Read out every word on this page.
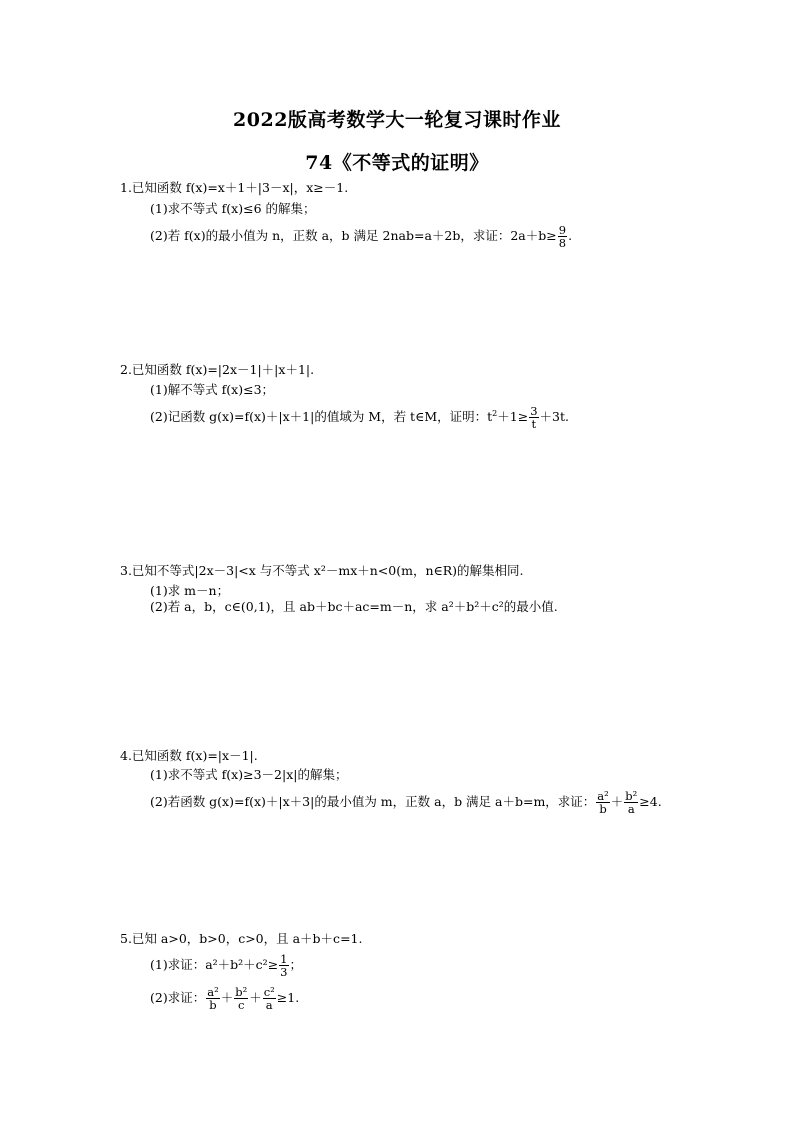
2022版高考数学大一轮复习课时作业
74《不等式的证明》
1.已知函数 f(x)=x＋1＋|3－x|，x≥－1.
(1)求不等式 f(x)≤6 的解集；
(2)若 f(x)的最小值为 n，正数 a，b 满足 2nab=a＋2b，求证：$2a+b\ge \frac{9}{8}$ .
2.已知函数 f(x)=|2x－1|＋|x＋1|.
(1)解不等式 f(x)≤3；
(2)记函数 g(x)=f(x)＋|x＋1|的值域为 M，若 t∈M，证明：$t^2+1\ge \frac{3}{t} +3t$.
3.已知不等式|2x－3|<x 与不等式 x²－mx＋n<0(m，n∈R)的解集相同.
(1)求 m－n；
(2)若 a，b，c∈(0,1)，且 ab＋bc＋ac=m－n，求 a²＋b²＋c²的最小值.
4.已知函数 f(x)=|x－1|.
(1)求不等式 f(x)≥3－2|x|的解集；
(2)若函数 g(x)=f(x)＋|x＋3|的最小值为 m，正数 a，b 满足 a＋b=m，求证： $\frac{\text{a²}}{b} + \frac{\text{b²}}{a} \ge 4$.
5.已知 a>0，b>0，c>0，且 a＋b＋c=1.
(1)求证：$a^2+b^2+c^2\ge \frac{1}{3}$ ；
(2)求证： $\frac{\text{a²}}{b} + \frac{\text{b²}}{c} + \frac{\text{c²}}{a} \ge 1$.
